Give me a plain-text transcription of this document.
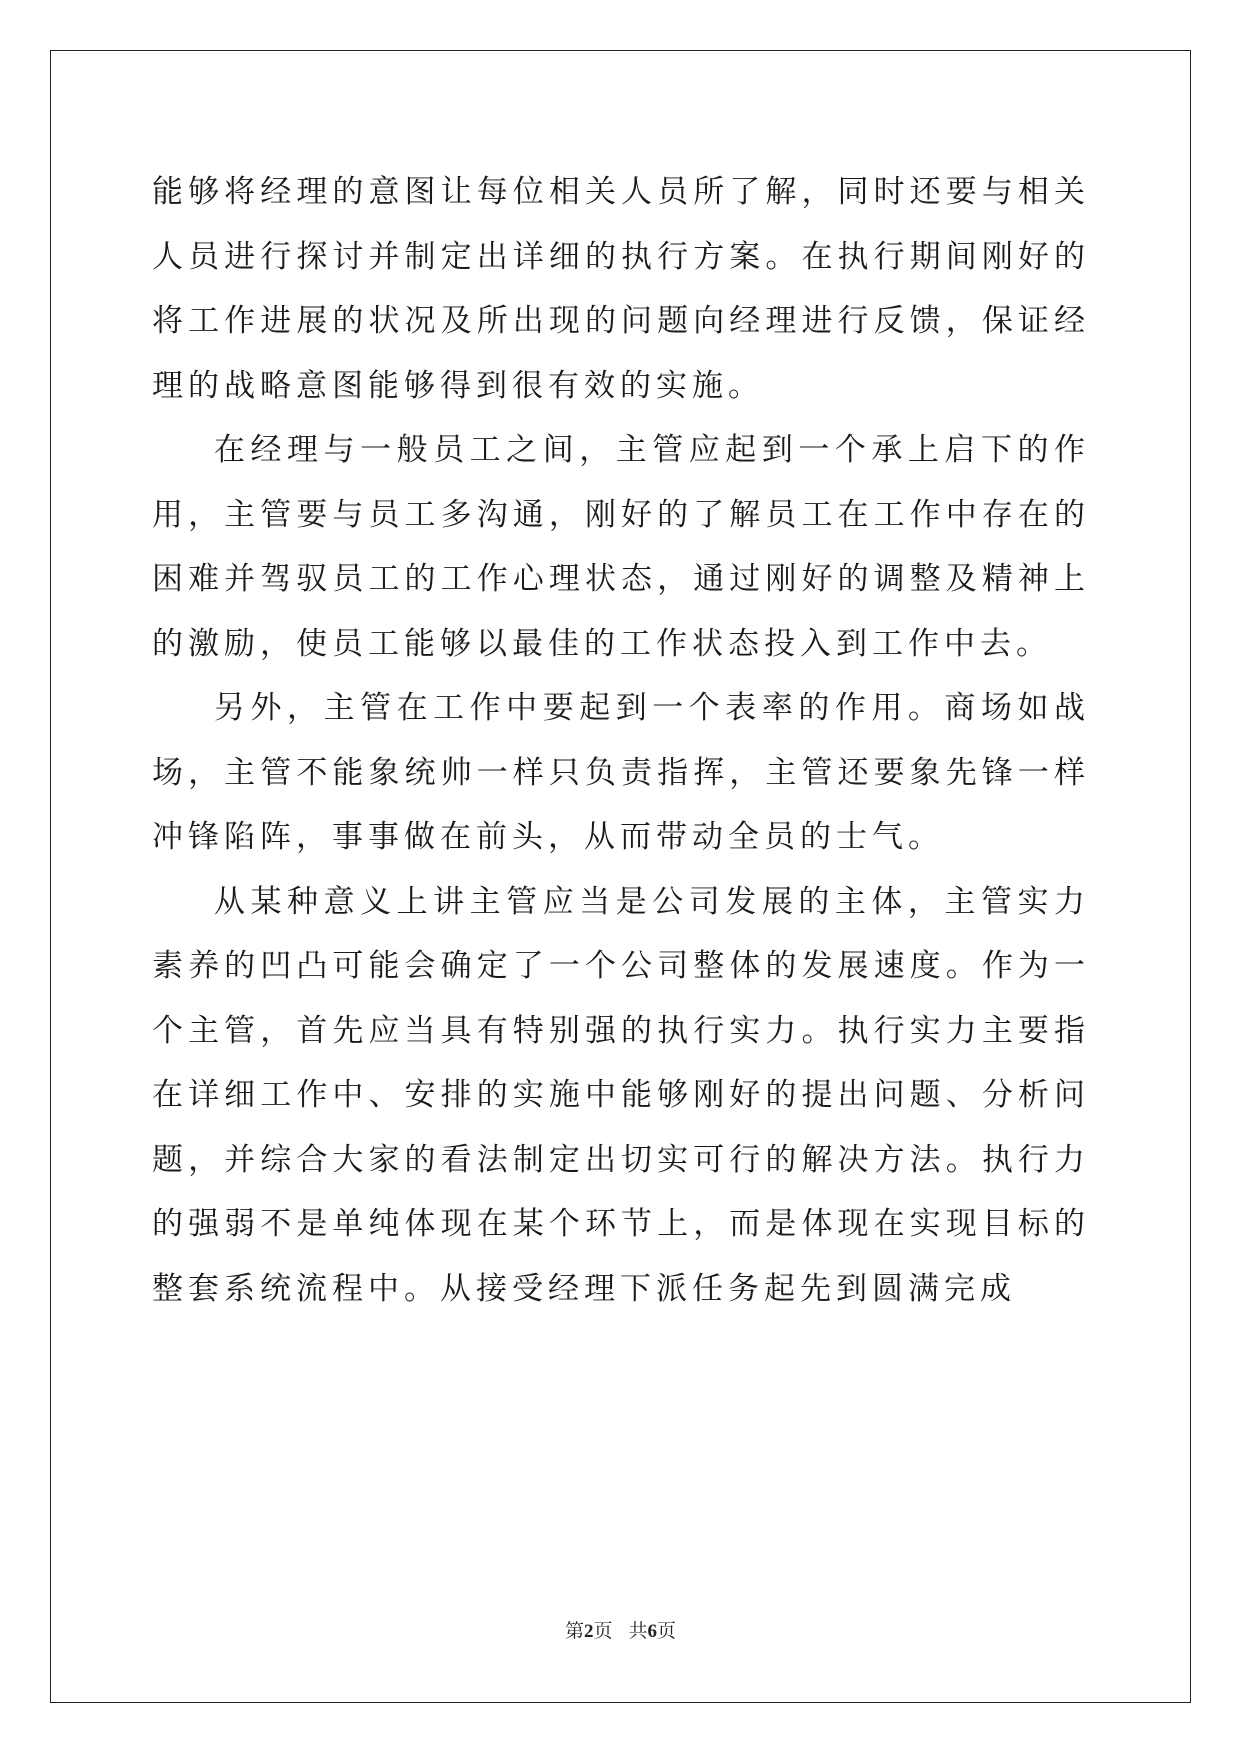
能够将经理的意图让每位相关人员所了解，同时还要与相关人员进行探讨并制定出详细的执行方案。在执行期间刚好的将工作进展的状况及所出现的问题向经理进行反馈，保证经理的战略意图能够得到很有效的实施。

在经理与一般员工之间，主管应起到一个承上启下的作用，主管要与员工多沟通，刚好的了解员工在工作中存在的困难并驾驭员工的工作心理状态，通过刚好的调整及精神上的激励，使员工能够以最佳的工作状态投入到工作中去。

另外，主管在工作中要起到一个表率的作用。商场如战场，主管不能象统帅一样只负责指挥，主管还要象先锋一样冲锋陷阵，事事做在前头，从而带动全员的士气。

从某种意义上讲主管应当是公司发展的主体，主管实力素养的凹凸可能会确定了一个公司整体的发展速度。作为一个主管，首先应当具有特别强的执行实力。执行实力主要指在详细工作中、安排的实施中能够刚好的提出问题、分析问题，并综合大家的看法制定出切实可行的解决方法。执行力的强弱不是单纯体现在某个环节上，而是体现在实现目标的整套系统流程中。从接受经理下派任务起先到圆满完成

第2页 共6页
